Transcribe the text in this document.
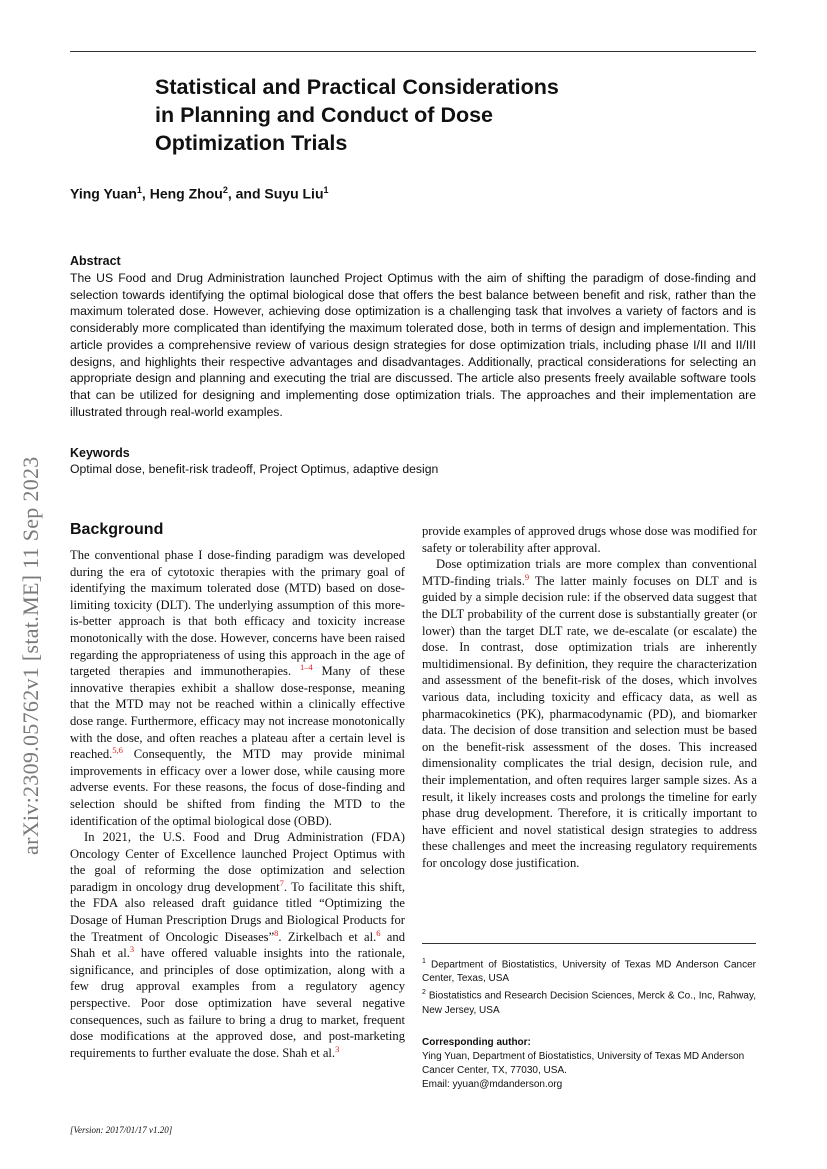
arXiv:2309.05762v1 [stat.ME] 11 Sep 2023
Statistical and Practical Considerations
in Planning and Conduct of Dose
Optimization Trials
Ying Yuan$^1$, Heng Zhou$^2$, and Suyu Liu$^1$
Abstract
The US Food and Drug Administration launched Project Optimus with the aim of shifting the paradigm of dose-finding and selection towards identifying the optimal biological dose that offers the best balance between benefit and risk, rather than the maximum tolerated dose. However, achieving dose optimization is a challenging task that involves a variety of factors and is considerably more complicated than identifying the maximum tolerated dose, both in terms of design and implementation. This article provides a comprehensive review of various design strategies for dose optimization trials, including phase I/II and II/III designs, and highlights their respective advantages and disadvantages. Additionally, practical considerations for selecting an appropriate design and planning and executing the trial are discussed. The article also presents freely available software tools that can be utilized for designing and implementing dose optimization trials. The approaches and their implementation are illustrated through real-world examples.
Keywords
Optimal dose, benefit-risk tradeoff, Project Optimus, adaptive design
Background

The conventional phase I dose-finding paradigm was developed during the era of cytotoxic therapies with the primary goal of identifying the maximum tolerated dose (MTD) based on dose-limiting toxicity (DLT). The underlying assumption of this more-is-better approach is that both efficacy and toxicity increase monotonically with the dose. However, concerns have been raised regarding the appropriateness of using this approach in the age of targeted therapies and immunotherapies. $^{1-4}$ Many of these innovative therapies exhibit a shallow dose-response, meaning that the MTD may not be reached within a clinically effective dose range. Furthermore, efficacy may not increase monotonically with the dose, and often reaches a plateau after a certain level is reached.$^{5,6}$ Consequently, the MTD may provide minimal improvements in efficacy over a lower dose, while causing more adverse events. For these reasons, the focus of dose-finding and selection should be shifted from finding the MTD to the identification of the optimal biological dose (OBD).

In 2021, the U.S. Food and Drug Administration (FDA) Oncology Center of Excellence launched Project Optimus with the goal of reforming the dose optimization and selection paradigm in oncology drug development$^7$. To facilitate this shift, the FDA also released draft guidance titled “Optimizing the Dosage of Human Prescription Drugs and Biological Products for the Treatment of Oncologic Diseases”$^8$. Zirkelbach et al.$^6$ and Shah et al.$^3$ have offered valuable insights into the rationale, significance, and principles of dose optimization, along with a few drug approval examples from a regulatory agency perspective. Poor dose optimization have several negative consequences, such as failure to bring a drug to market, frequent dose modifications at the approved dose, and post-marketing requirements to further evaluate the dose. Shah et al.$^3$

provide examples of approved drugs whose dose was modified for safety or tolerability after approval.

Dose optimization trials are more complex than conventional MTD-finding trials.$^9$ The latter mainly focuses on DLT and is guided by a simple decision rule: if the observed data suggest that the DLT probability of the current dose is substantially greater (or lower) than the target DLT rate, we de-escalate (or escalate) the dose. In contrast, dose optimization trials are inherently multidimensional. By definition, they require the characterization and assessment of the benefit-risk of the doses, which involves various data, including toxicity and efficacy data, as well as pharmacokinetics (PK), pharmacodynamic (PD), and biomarker data. The decision of dose transition and selection must be based on the benefit-risk assessment of the doses. This increased dimensionality complicates the trial design, decision rule, and their implementation, and often requires larger sample sizes. As a result, it likely increases costs and prolongs the timeline for early phase drug development. Therefore, it is critically important to have efficient and novel statistical design strategies to address these challenges and meet the increasing regulatory requirements for oncology dose justification.

$^1$ Department of Biostatistics, University of Texas MD Anderson Cancer Center, Texas, USA
$^2$ Biostatistics and Research Decision Sciences, Merck & Co., Inc, Rahway, New Jersey, USA
Corresponding author:
Ying Yuan, Department of Biostatistics, University of Texas MD Anderson Cancer Center, TX, 77030, USA.
Email: yyuan@mdanderson.org
[Version: 2017/01/17 v1.20]
